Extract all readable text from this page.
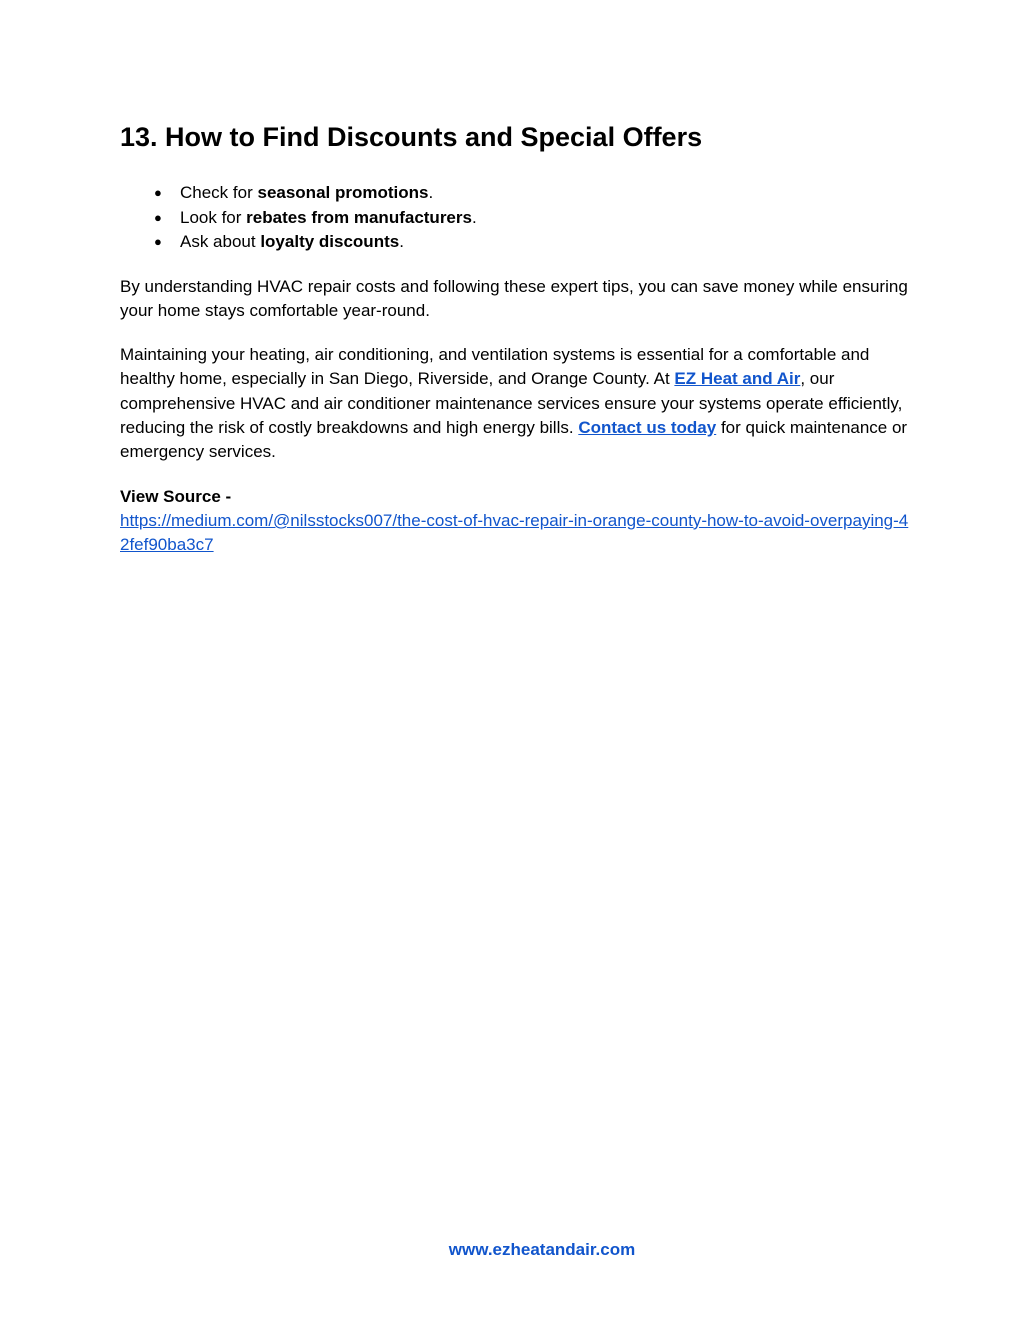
13. How to Find Discounts and Special Offers
● Check for seasonal promotions.
● Look for rebates from manufacturers.
● Ask about loyalty discounts.

By understanding HVAC repair costs and following these expert tips, you can save money while ensuring your home stays comfortable year-round.

Maintaining your heating, air conditioning, and ventilation systems is essential for a comfortable and healthy home, especially in San Diego, Riverside, and Orange County. At EZ Heat and Air, our comprehensive HVAC and air conditioner maintenance services ensure your systems operate efficiently, reducing the risk of costly breakdowns and high energy bills. Contact us today for quick maintenance or emergency services.

View Source -
https://medium.com/@nilsstocks007/the-cost-of-hvac-repair-in-orange-county-how-to-avoid-overpaying-42fef90ba3c7

www.ezheatandair.com
